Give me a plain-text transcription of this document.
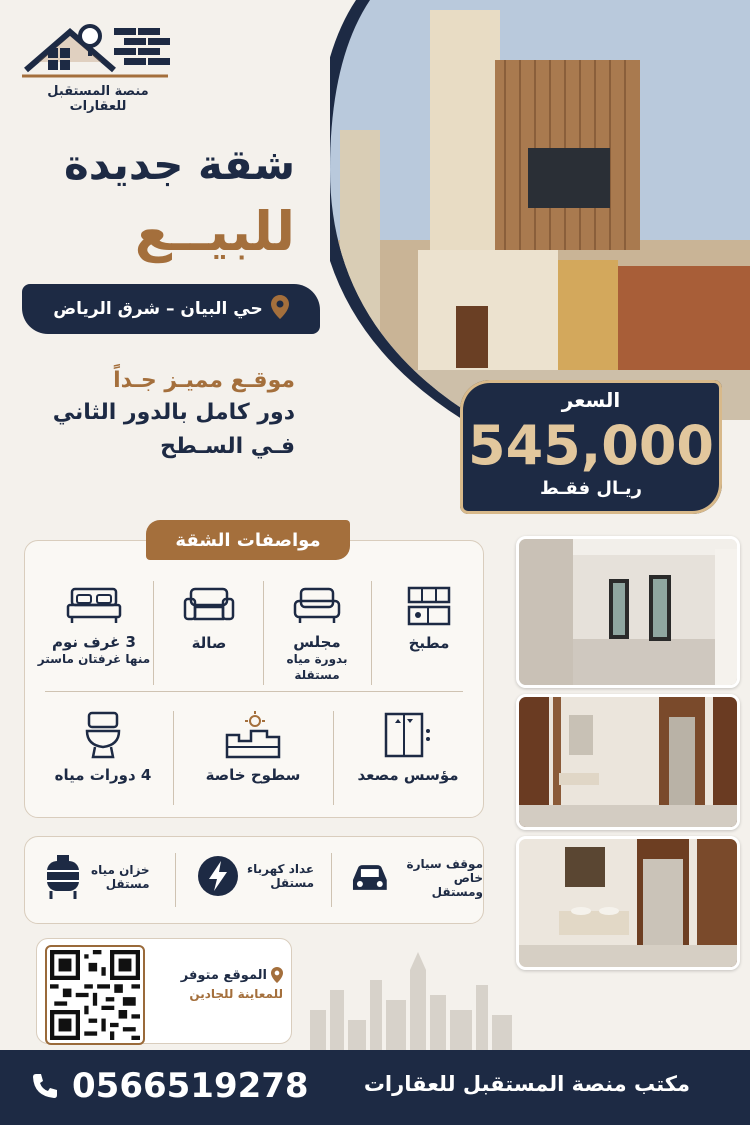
منصة المستقبل للعقارات
شقة جديدة
للبيــع
حي البيان – شرق الرياض
موقـع مميـز جـداً
دور كامل بالدور الثاني
فـي السـطح
السعر
545,000
ريـال فقـط
مطبخ
مجلس
بدورة مياه مستقلة
صالة
3 غرف نوم
منها غرفتان ماستر
مؤسس مصعد
سطوح خاصة
4 دورات مياه
مواصفات الشقة
موقف سيارة
خاص ومستقل
عداد كهرباء
مستقل
خزان مياه
مستقل
الموقع متوفر
للمعاينة للجادين
0566519278	مكتب منصة المستقبل للعقارات
